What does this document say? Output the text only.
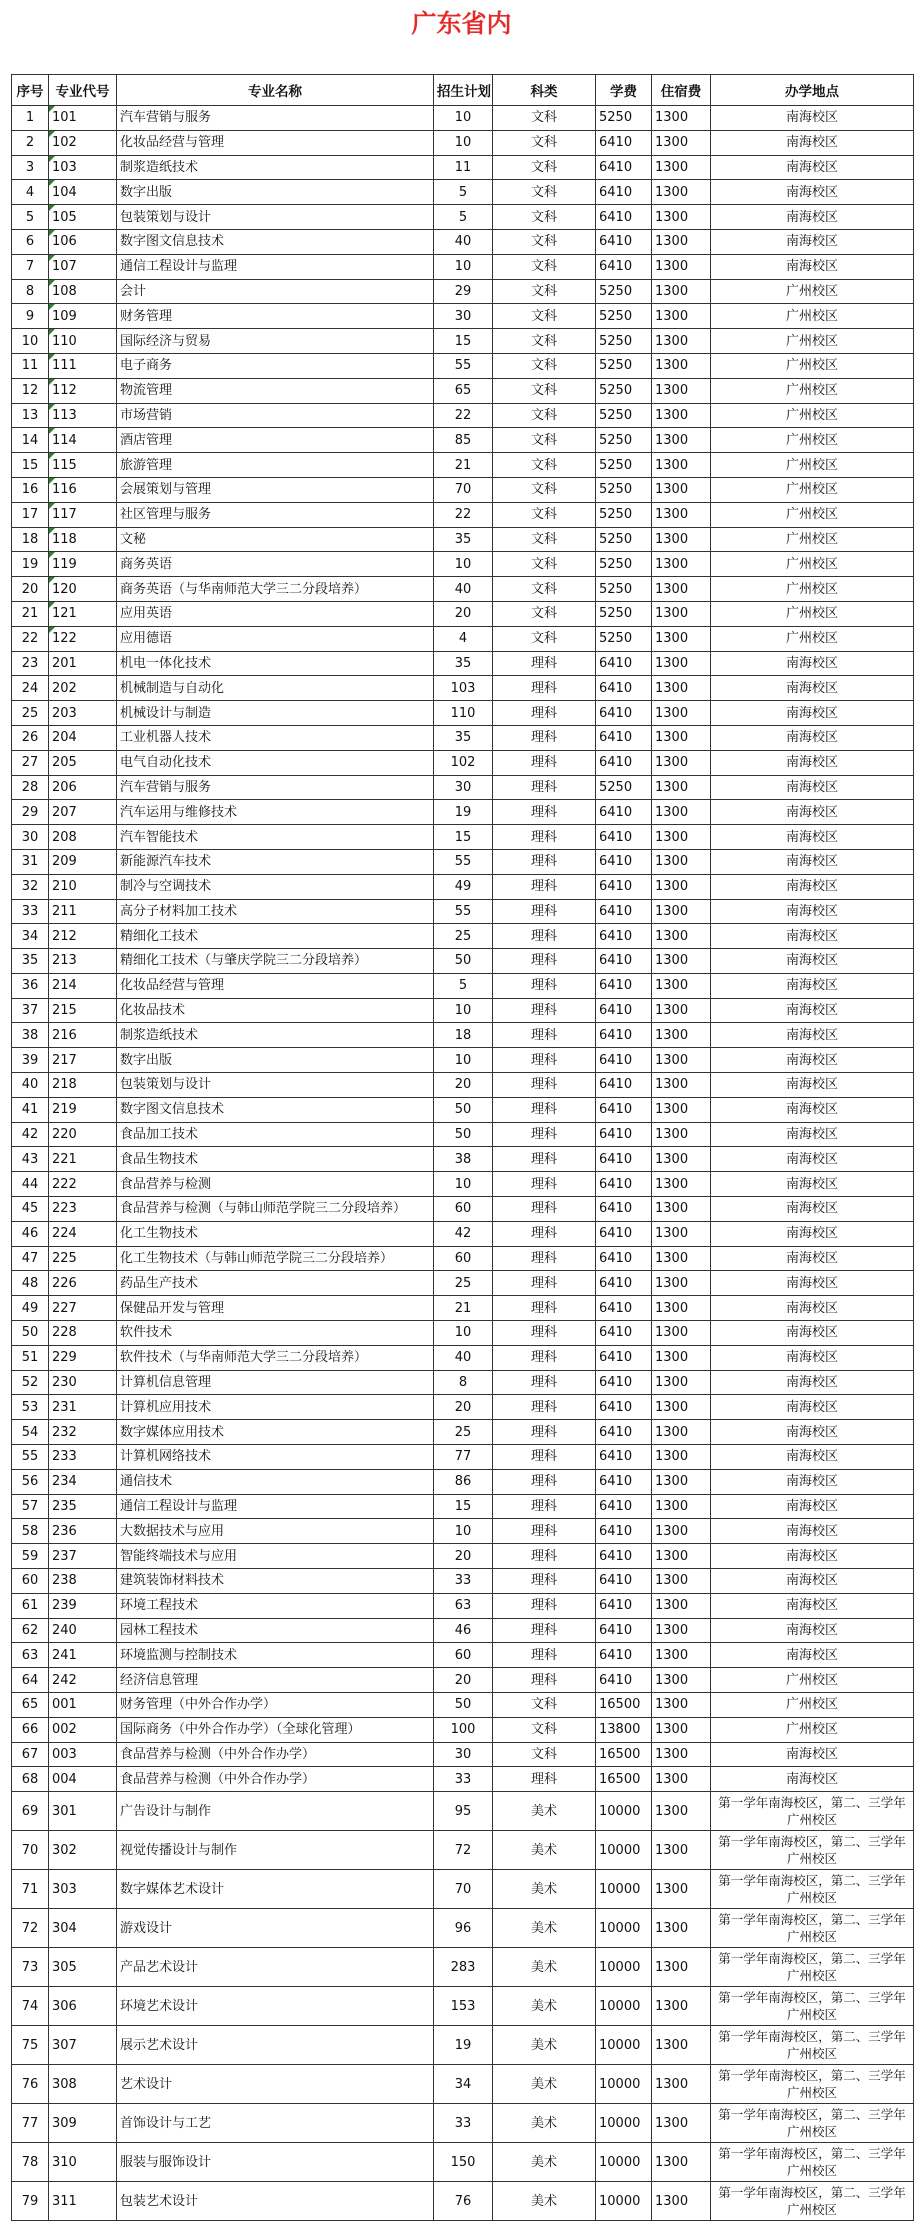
广东省内
序号	专业代号	专业名称	招生计划	科类	学费	住宿费	办学地点
1	101	汽车营销与服务	10	文科	5250	1300	南海校区
2	102	化妆品经营与管理	10	文科	6410	1300	南海校区
3	103	制浆造纸技术	11	文科	6410	1300	南海校区
4	104	数字出版	5	文科	6410	1300	南海校区
5	105	包装策划与设计	5	文科	6410	1300	南海校区
6	106	数字图文信息技术	40	文科	6410	1300	南海校区
7	107	通信工程设计与监理	10	文科	6410	1300	南海校区
8	108	会计	29	文科	5250	1300	广州校区
9	109	财务管理	30	文科	5250	1300	广州校区
10	110	国际经济与贸易	15	文科	5250	1300	广州校区
11	111	电子商务	55	文科	5250	1300	广州校区
12	112	物流管理	65	文科	5250	1300	广州校区
13	113	市场营销	22	文科	5250	1300	广州校区
14	114	酒店管理	85	文科	5250	1300	广州校区
15	115	旅游管理	21	文科	5250	1300	广州校区
16	116	会展策划与管理	70	文科	5250	1300	广州校区
17	117	社区管理与服务	22	文科	5250	1300	广州校区
18	118	文秘	35	文科	5250	1300	广州校区
19	119	商务英语	10	文科	5250	1300	广州校区
20	120	商务英语（与华南师范大学三二分段培养）	40	文科	5250	1300	广州校区
21	121	应用英语	20	文科	5250	1300	广州校区
22	122	应用德语	4	文科	5250	1300	广州校区
23	201	机电一体化技术	35	理科	6410	1300	南海校区
24	202	机械制造与自动化	103	理科	6410	1300	南海校区
25	203	机械设计与制造	110	理科	6410	1300	南海校区
26	204	工业机器人技术	35	理科	6410	1300	南海校区
27	205	电气自动化技术	102	理科	6410	1300	南海校区
28	206	汽车营销与服务	30	理科	5250	1300	南海校区
29	207	汽车运用与维修技术	19	理科	6410	1300	南海校区
30	208	汽车智能技术	15	理科	6410	1300	南海校区
31	209	新能源汽车技术	55	理科	6410	1300	南海校区
32	210	制冷与空调技术	49	理科	6410	1300	南海校区
33	211	高分子材料加工技术	55	理科	6410	1300	南海校区
34	212	精细化工技术	25	理科	6410	1300	南海校区
35	213	精细化工技术（与肇庆学院三二分段培养）	50	理科	6410	1300	南海校区
36	214	化妆品经营与管理	5	理科	6410	1300	南海校区
37	215	化妆品技术	10	理科	6410	1300	南海校区
38	216	制浆造纸技术	18	理科	6410	1300	南海校区
39	217	数字出版	10	理科	6410	1300	南海校区
40	218	包装策划与设计	20	理科	6410	1300	南海校区
41	219	数字图文信息技术	50	理科	6410	1300	南海校区
42	220	食品加工技术	50	理科	6410	1300	南海校区
43	221	食品生物技术	38	理科	6410	1300	南海校区
44	222	食品营养与检测	10	理科	6410	1300	南海校区
45	223	食品营养与检测（与韩山师范学院三二分段培养）	60	理科	6410	1300	南海校区
46	224	化工生物技术	42	理科	6410	1300	南海校区
47	225	化工生物技术（与韩山师范学院三二分段培养）	60	理科	6410	1300	南海校区
48	226	药品生产技术	25	理科	6410	1300	南海校区
49	227	保健品开发与管理	21	理科	6410	1300	南海校区
50	228	软件技术	10	理科	6410	1300	南海校区
51	229	软件技术（与华南师范大学三二分段培养）	40	理科	6410	1300	南海校区
52	230	计算机信息管理	8	理科	6410	1300	南海校区
53	231	计算机应用技术	20	理科	6410	1300	南海校区
54	232	数字媒体应用技术	25	理科	6410	1300	南海校区
55	233	计算机网络技术	77	理科	6410	1300	南海校区
56	234	通信技术	86	理科	6410	1300	南海校区
57	235	通信工程设计与监理	15	理科	6410	1300	南海校区
58	236	大数据技术与应用	10	理科	6410	1300	南海校区
59	237	智能终端技术与应用	20	理科	6410	1300	南海校区
60	238	建筑装饰材料技术	33	理科	6410	1300	南海校区
61	239	环境工程技术	63	理科	6410	1300	南海校区
62	240	园林工程技术	46	理科	6410	1300	南海校区
63	241	环境监测与控制技术	60	理科	6410	1300	南海校区
64	242	经济信息管理	20	理科	6410	1300	广州校区
65	001	财务管理（中外合作办学）	50	文科	16500	1300	广州校区
66	002	国际商务（中外合作办学）（全球化管理）	100	文科	13800	1300	广州校区
67	003	食品营养与检测（中外合作办学）	30	文科	16500	1300	南海校区
68	004	食品营养与检测（中外合作办学）	33	理科	16500	1300	南海校区
69	301	广告设计与制作	95	美术	10000	1300	第一学年南海校区，第二、三学年广州校区
70	302	视觉传播设计与制作	72	美术	10000	1300	第一学年南海校区，第二、三学年广州校区
71	303	数字媒体艺术设计	70	美术	10000	1300	第一学年南海校区，第二、三学年广州校区
72	304	游戏设计	96	美术	10000	1300	第一学年南海校区，第二、三学年广州校区
73	305	产品艺术设计	283	美术	10000	1300	第一学年南海校区，第二、三学年广州校区
74	306	环境艺术设计	153	美术	10000	1300	第一学年南海校区，第二、三学年广州校区
75	307	展示艺术设计	19	美术	10000	1300	第一学年南海校区，第二、三学年广州校区
76	308	艺术设计	34	美术	10000	1300	第一学年南海校区，第二、三学年广州校区
77	309	首饰设计与工艺	33	美术	10000	1300	第一学年南海校区，第二、三学年广州校区
78	310	服装与服饰设计	150	美术	10000	1300	第一学年南海校区，第二、三学年广州校区
79	311	包装艺术设计	76	美术	10000	1300	第一学年南海校区，第二、三学年广州校区
